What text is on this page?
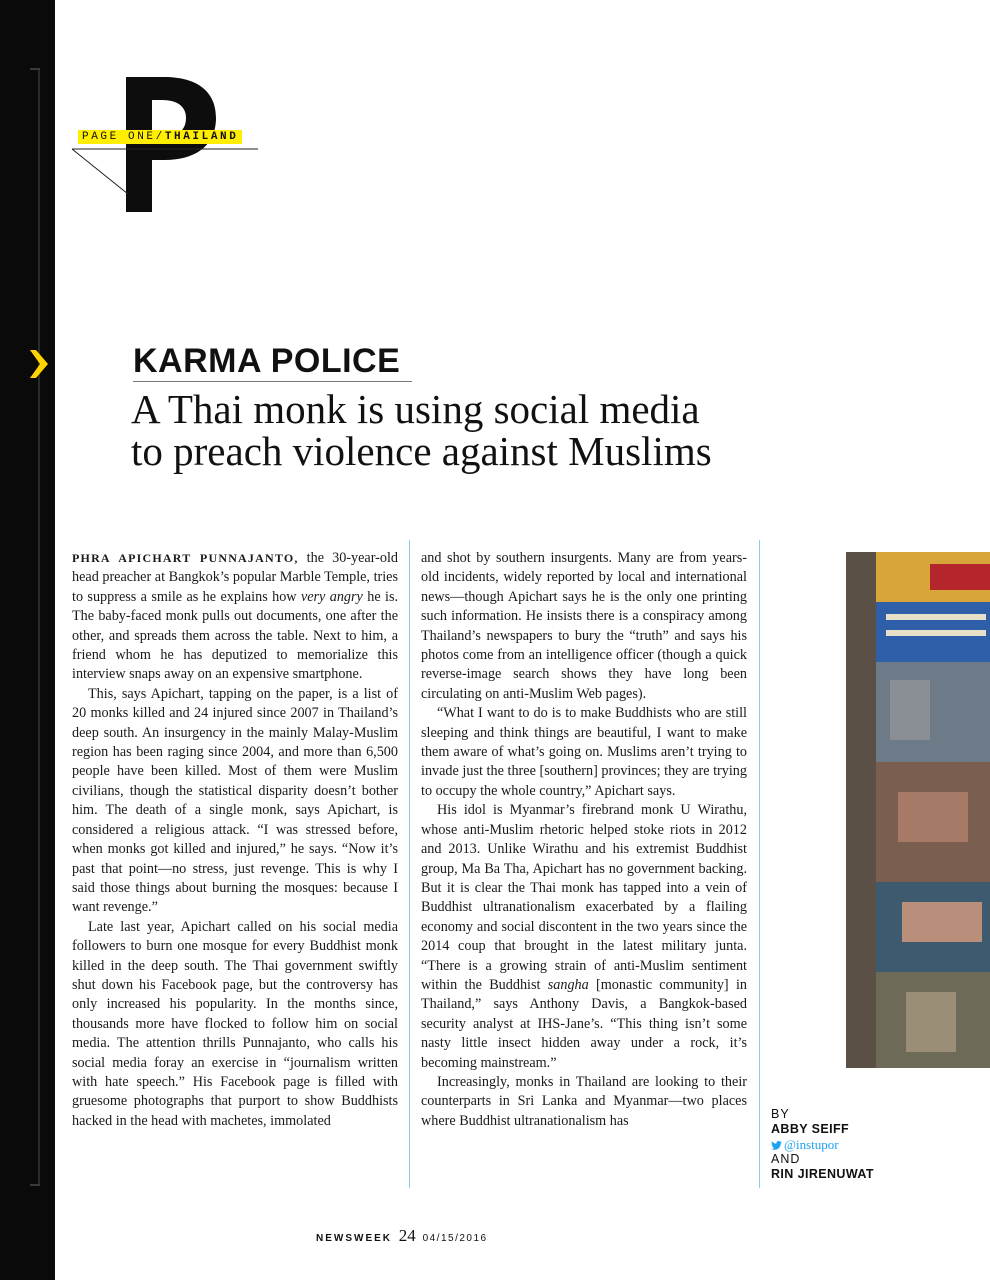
PAGE ONE/THAILAND
KARMA POLICE
A Thai monk is using social media
to preach violence against Muslims

PHRA APICHART PUNNAJANTO, the 30-year-old head preacher at Bangkok’s popular Marble Temple, tries to suppress a smile as he explains how very angry he is. The baby-faced monk pulls out documents, one after the other, and spreads them across the table. Next to him, a friend whom he has deputized to memorialize this interview snaps away on an expensive smartphone.

This, says Apichart, tapping on the paper, is a list of 20 monks killed and 24 injured since 2007 in Thailand’s deep south. An insurgency in the mainly Malay-Muslim region has been raging since 2004, and more than 6,500 people have been killed. Most of them were Muslim civilians, though the statistical disparity doesn’t bother him. The death of a single monk, says Apichart, is considered a religious attack. “I was stressed before, when monks got killed and injured,” he says. “Now it’s past that point—no stress, just revenge. This is why I said those things about burning the mosques: because I want revenge.”

Late last year, Apichart called on his social media followers to burn one mosque for every Buddhist monk killed in the deep south. The Thai government swiftly shut down his Facebook page, but the controversy has only increased his popularity. In the months since, thousands more have flocked to follow him on social media. The attention thrills Punnajanto, who calls his social media foray an exercise in “journalism written with hate speech.” His Facebook page is filled with gruesome photographs that purport to show Buddhists hacked in the head with machetes, immolated

and shot by southern insurgents. Many are from years-old incidents, widely reported by local and international news—though Apichart says he is the only one printing such information. He insists there is a conspiracy among Thailand’s newspapers to bury the “truth” and says his photos come from an intelligence officer (though a quick reverse-image search shows they have long been circulating on anti-Muslim Web pages).

“What I want to do is to make Buddhists who are still sleeping and think things are beautiful, I want to make them aware of what’s going on. Muslims aren’t trying to invade just the three [southern] provinces; they are trying to occupy the whole country,” Apichart says.

His idol is Myanmar’s firebrand monk U Wirathu, whose anti-Muslim rhetoric helped stoke riots in 2012 and 2013. Unlike Wirathu and his extremist Buddhist group, Ma Ba Tha, Apichart has no government backing. But it is clear the Thai monk has tapped into a vein of Buddhist ultranationalism exacerbated by a flailing economy and social discontent in the two years since the 2014 coup that brought in the latest military junta. “There is a growing strain of anti-Muslim sentiment within the Buddhist sangha [monastic community] in Thailand,” says Anthony Davis, a Bangkok-based security analyst at IHS-Jane’s. “This thing isn’t some nasty little insect hidden away under a rock, it’s becoming mainstream.”

Increasingly, monks in Thailand are looking to their counterparts in Sri Lanka and Myanmar—two places where Buddhist ultranationalism has	BY
ABBY SEIFF
@instupor
AND
RIN JIRENUWAT
NEWSWEEK 24 04/15/2016
